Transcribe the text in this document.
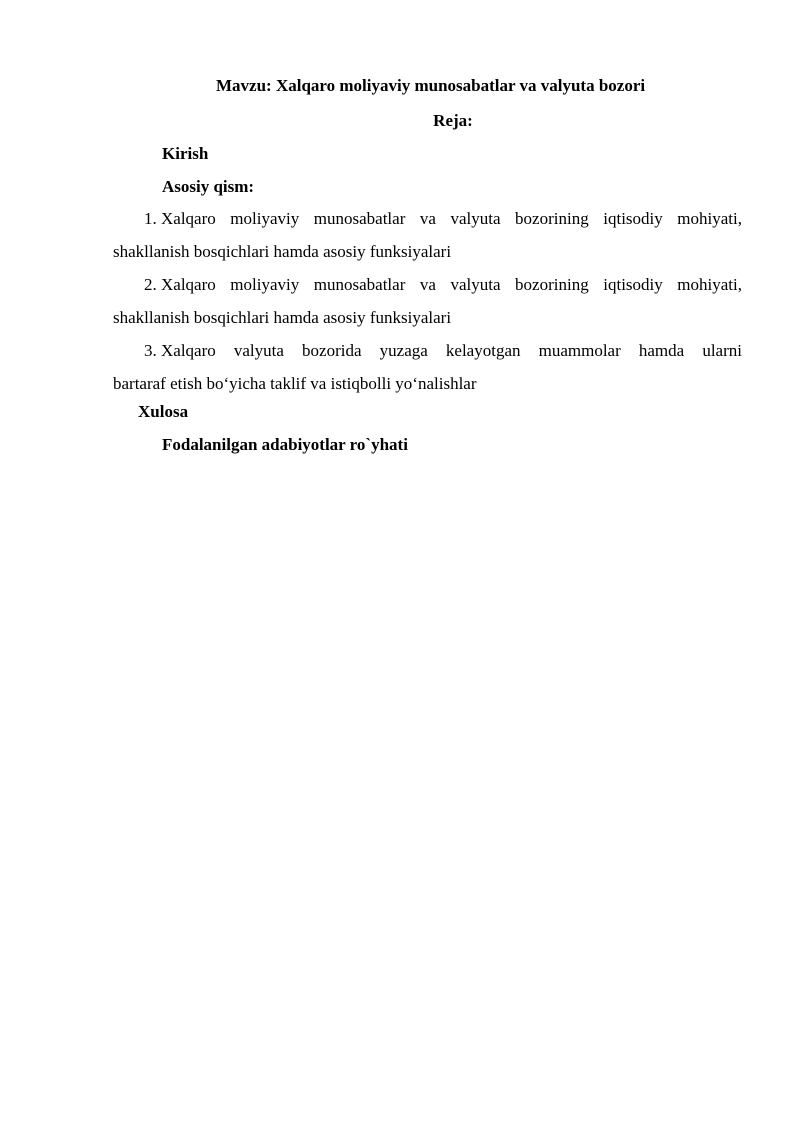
Mavzu: Xalqaro moliyaviy munosabatlar va valyuta bozori
Reja:
Kirish
Asosiy qism:
1. Xalqaro moliyaviy munosabatlar va valyuta bozorining iqtisodiy mohiyati,
shakllanish bosqichlari hamda asosiy funksiyalari
2. Xalqaro moliyaviy munosabatlar va valyuta bozorining iqtisodiy mohiyati,
shakllanish bosqichlari hamda asosiy funksiyalari
3. Xalqaro valyuta bozorida yuzaga kelayotgan muammolar hamda ularni
bartaraf etish bo‘yicha taklif va istiqbolli yo‘nalishlar
Xulosa
Fodalanilgan adabiyotlar ro`yhati
